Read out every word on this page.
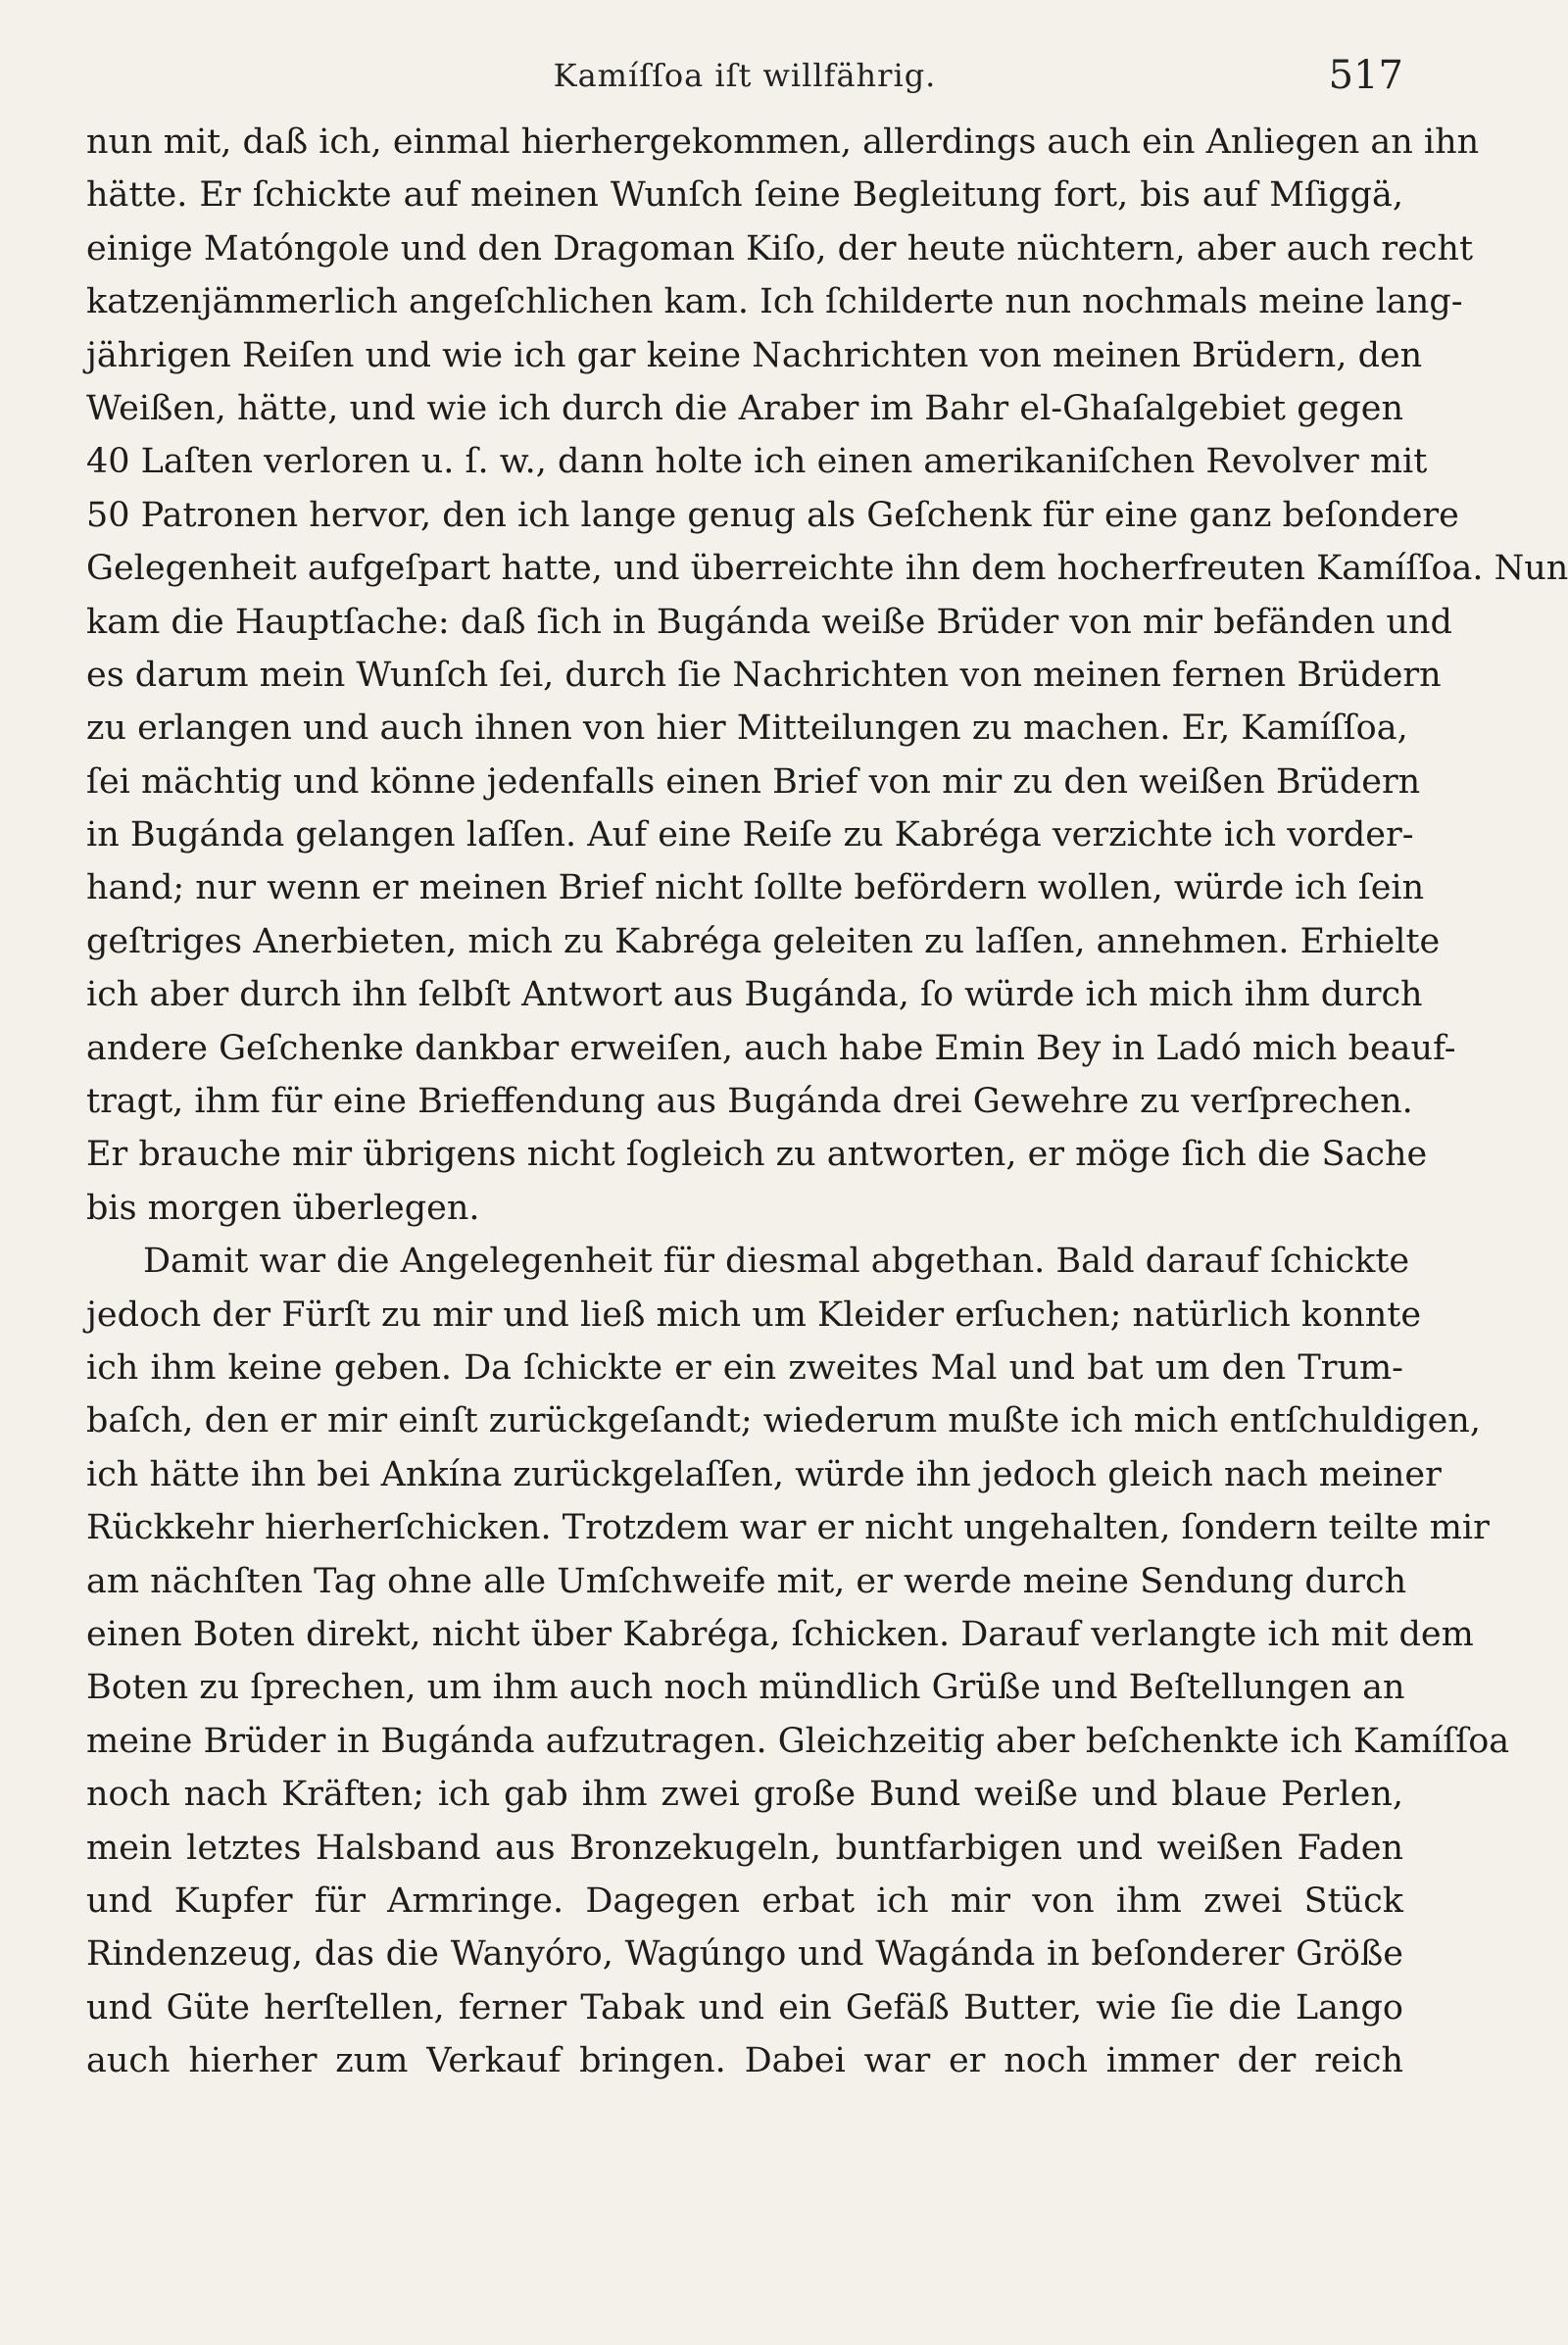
Kamíſſoa iſt willfährig.	517
nun mit, daß ich, einmal hierhergekommen, allerdings auch ein Anliegen an ihn
hätte. Er ſchickte auf meinen Wunſch ſeine Begleitung fort, bis auf Mſiggä,
einige Matóngole und den Dragoman Kiſo, der heute nüchtern, aber auch recht
katzenjämmerlich angeſchlichen kam. Ich ſchilderte nun nochmals meine lang-
jährigen Reiſen und wie ich gar keine Nachrichten von meinen Brüdern, den
Weißen, hätte, und wie ich durch die Araber im Bahr el-Ghaſalgebiet gegen
40 Laſten verloren u. ſ. w., dann holte ich einen amerikaniſchen Revolver mit
50 Patronen hervor, den ich lange genug als Geſchenk für eine ganz beſondere
Gelegenheit aufgeſpart hatte, und überreichte ihn dem hocherfreuten Kamíſſoa. Nun
kam die Hauptſache: daß ſich in Bugánda weiße Brüder von mir befänden und
es darum mein Wunſch ſei, durch ſie Nachrichten von meinen fernen Brüdern
zu erlangen und auch ihnen von hier Mitteilungen zu machen. Er, Kamíſſoa,
ſei mächtig und könne jedenfalls einen Brief von mir zu den weißen Brüdern
in Bugánda gelangen laſſen. Auf eine Reiſe zu Kabréga verzichte ich vorder-
hand; nur wenn er meinen Brief nicht ſollte befördern wollen, würde ich ſein
geſtriges Anerbieten, mich zu Kabréga geleiten zu laſſen, annehmen. Erhielte
ich aber durch ihn ſelbſt Antwort aus Bugánda, ſo würde ich mich ihm durch
andere Geſchenke dankbar erweiſen, auch habe Emin Bey in Ladó mich beauf-
tragt, ihm für eine Brieffendung aus Bugánda drei Gewehre zu verſprechen.
Er brauche mir übrigens nicht ſogleich zu antworten, er möge ſich die Sache
bis morgen überlegen.
Damit war die Angelegenheit für diesmal abgethan. Bald darauf ſchickte
jedoch der Fürſt zu mir und ließ mich um Kleider erſuchen; natürlich konnte
ich ihm keine geben. Da ſchickte er ein zweites Mal und bat um den Trum-
baſch, den er mir einſt zurückgeſandt; wiederum mußte ich mich entſchuldigen,
ich hätte ihn bei Ankína zurückgelaſſen, würde ihn jedoch gleich nach meiner
Rückkehr hierherſchicken. Trotzdem war er nicht ungehalten, ſondern teilte mir
am nächſten Tag ohne alle Umſchweife mit, er werde meine Sendung durch
einen Boten direkt, nicht über Kabréga, ſchicken. Darauf verlangte ich mit dem
Boten zu ſprechen, um ihm auch noch mündlich Grüße und Beſtellungen an
meine Brüder in Bugánda aufzutragen. Gleichzeitig aber beſchenkte ich Kamíſſoa
noch nach Kräften; ich gab ihm zwei große Bund weiße und blaue Perlen,
mein letztes Halsband aus Bronzekugeln, buntfarbigen und weißen Faden
und Kupfer für Armringe. Dagegen erbat ich mir von ihm zwei Stück
Rindenzeug, das die Wanyóro, Wagúngo und Wagánda in beſonderer Größe
und Güte herſtellen, ferner Tabak und ein Gefäß Butter, wie ſie die Lango
auch hierher zum Verkauf bringen. Dabei war er noch immer der reich
